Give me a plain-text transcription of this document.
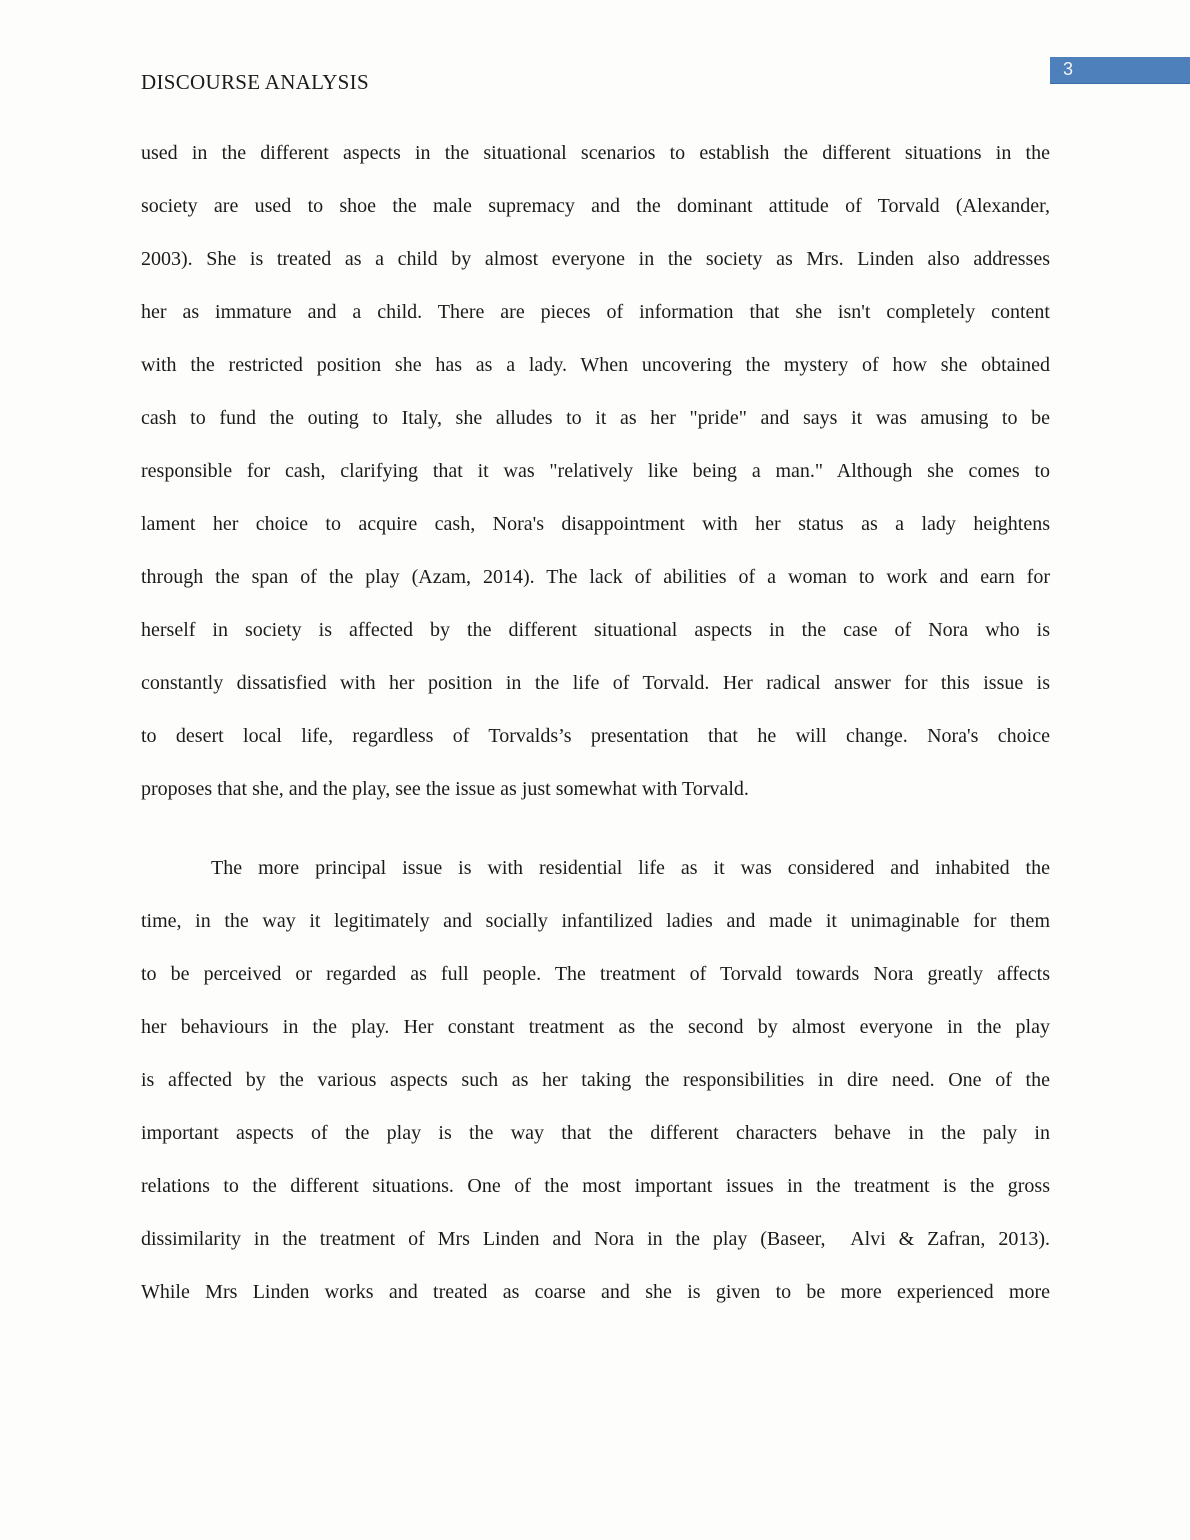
DISCOURSE ANALYSIS
3
used in the different aspects in the situational scenarios to establish the different situations in the
society are used to shoe the male supremacy and the dominant attitude of Torvald (Alexander,
2003). She is treated as a child by almost everyone in the society as Mrs. Linden also addresses
her as immature and a child. There are pieces of information that she isn't completely content
with the restricted position she has as a lady. When uncovering the mystery of how she obtained
cash to fund the outing to Italy, she alludes to it as her "pride" and says it was amusing to be
responsible for cash, clarifying that it was "relatively like being a man." Although she comes to
lament her choice to acquire cash, Nora's disappointment with her status as a lady heightens
through the span of the play (Azam, 2014). The lack of abilities of a woman to work and earn for
herself in society is affected by the different situational aspects in the case of Nora who is
constantly dissatisfied with her position in the life of Torvald. Her radical answer for this issue is
to desert local life, regardless of Torvalds’s presentation that he will change. Nora's choice
proposes that she, and the play, see the issue as just somewhat with Torvald.
The more principal issue is with residential life as it was considered and inhabited the
time, in the way it legitimately and socially infantilized ladies and made it unimaginable for them
to be perceived or regarded as full people. The treatment of Torvald towards Nora greatly affects
her behaviours in the play. Her constant treatment as the second by almost everyone in the play
is affected by the various aspects such as her taking the responsibilities in dire need. One of the
important aspects of the play is the way that the different characters behave in the paly in
relations to the different situations. One of the most important issues in the treatment is the gross
dissimilarity in the treatment of Mrs Linden and Nora in the play (Baseer,  Alvi & Zafran, 2013).
While Mrs Linden works and treated as coarse and she is given to be more experienced more
